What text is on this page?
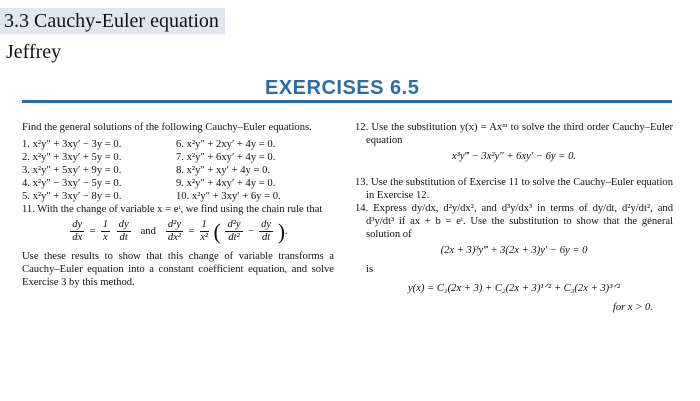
3.3 Cauchy-Euler equation
Jeffrey
EXERCISES 6.5

Find the general solutions of the following Cauchy–Euler equations.

1. x²y″ + 3xy′ − 3y = 0.	6. x²y″ + 2xy′ + 4y = 0.
2. x²y″ + 3xy′ + 5y = 0.	7. x²y″ + 6xy′ + 4y = 0.
3. x²y″ + 5xy′ + 9y = 0.	8. x²y″ + xy′ + 4y = 0.
4. x²y″ − 3xy′ − 5y = 0.	9. x²y″ + 4xy′ + 4y = 0.
5. x²y″ + 3xy′ − 8y = 0.	10. x²y″ + 3xy′ + 6y = 0.

11. With the change of variable x = eᵗ, we find using the chain rule that

$\frac{dy}{dx} = \frac{1}{x}$
$\frac{dy}{dt}$ and $\frac{\text{d²y}}{\text{dx²}} = \frac{1}{\text{x²}}$ ( $\frac{\text{d²y}}{\text{dt²}} - \frac{dy}{dt}$ ).

Use these results to show that this change of variable transforms a Cauchy–Euler equation into a constant coefficient equation, and solve Exercise 3 by this method.

12. Use the substitution y(x) = Axᵐ to solve the third order Cauchy–Euler equation

x³y‴ − 3x²y″ + 6xy′ − 6y = 0.

13. Use the substitution of Exercise 11 to solve the Cauchy–Euler equation in Exercise 12.

14. Express dy/dx, d²y/dx², and d³y/dx³ in terms of dy/dt, d²y/dt², and d³y/dt³ if ax + b = eᵗ. Use the substitution to show that the general solution of

(2x + 3)³y‴ + 3(2x + 3)y′ − 6y = 0

is

y(x) = C₁(2x + 3) + C₂(2x + 3)¹ᐟ² + C₃(2x + 3)³ᐟ²

for x > 0.
